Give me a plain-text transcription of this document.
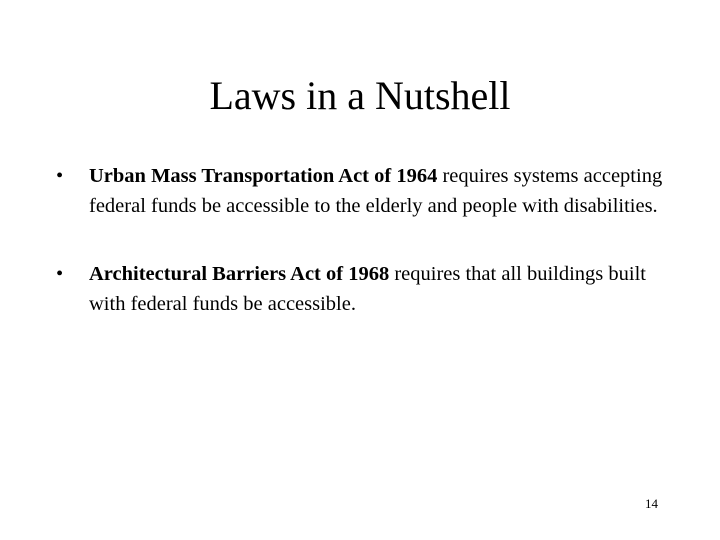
Laws in a Nutshell
•	Urban Mass Transportation Act of 1964 requires systems accepting federal funds be accessible to the elderly and people with disabilities.
•	Architectural Barriers Act of 1968 requires that all buildings built with federal funds be accessible.
14
